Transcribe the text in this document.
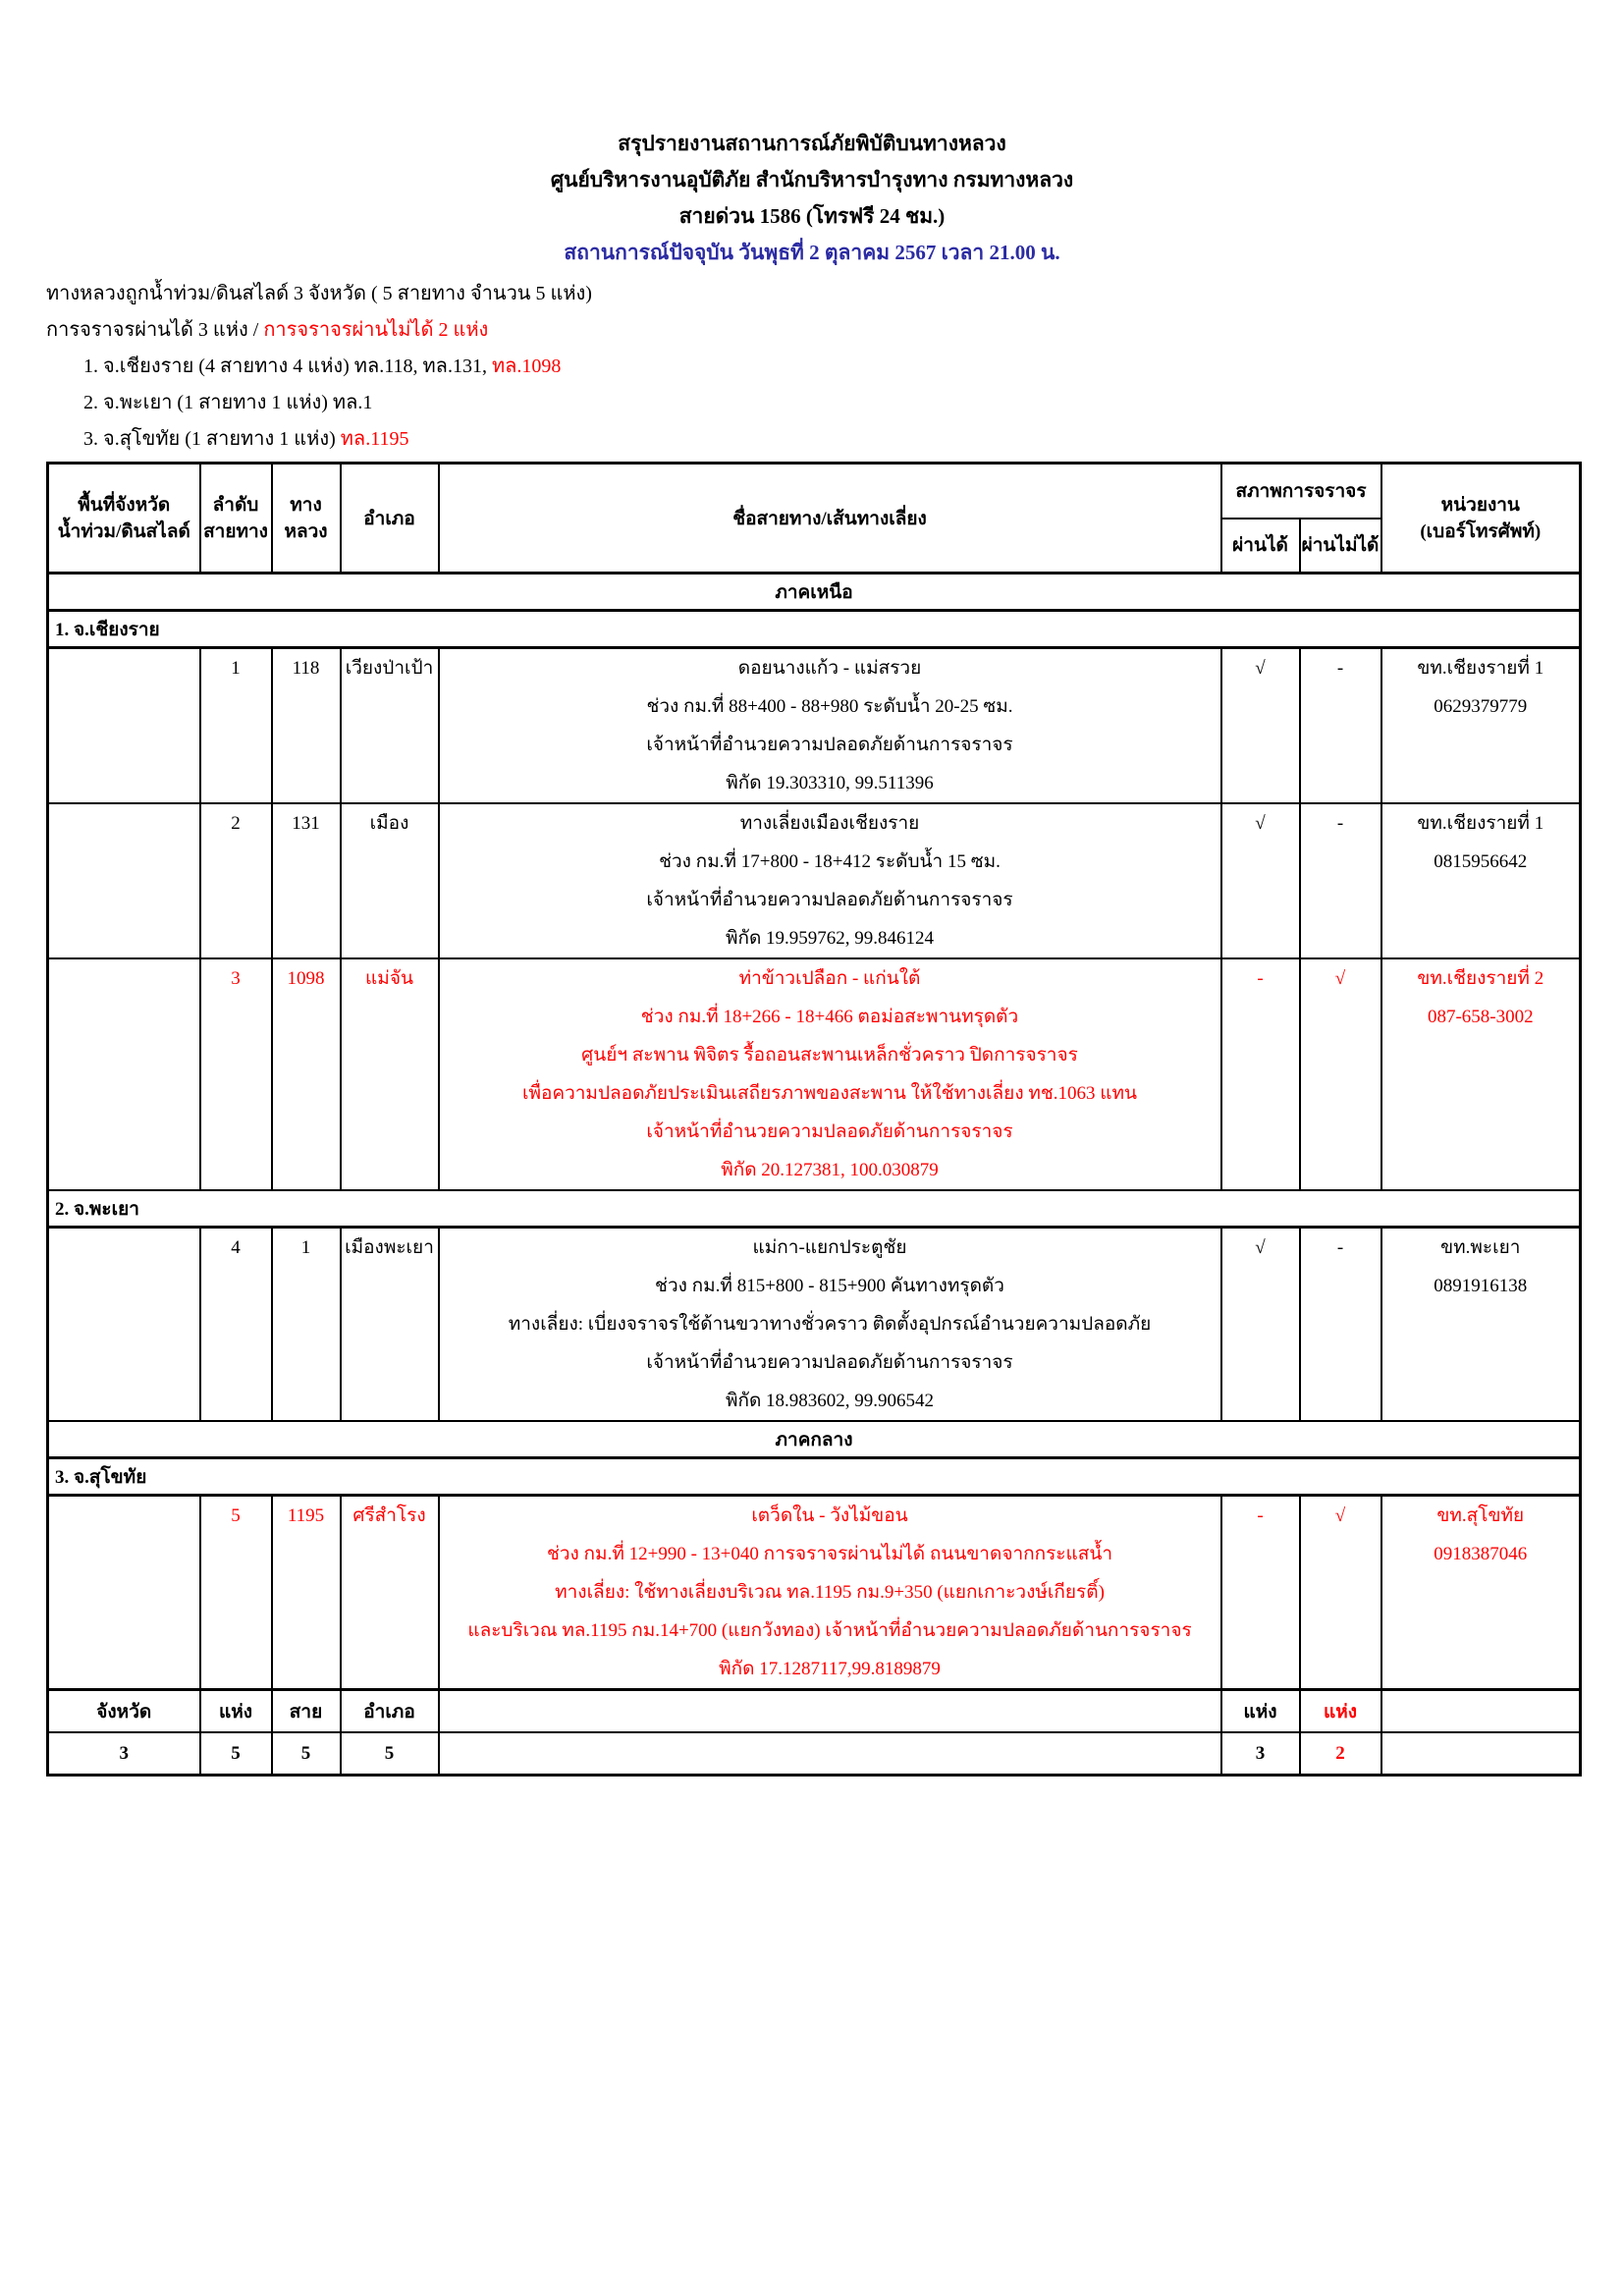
สรุปรายงานสถานการณ์ภัยพิบัติบนทางหลวง
ศูนย์บริหารงานอุบัติภัย สำนักบริหารบำรุงทาง กรมทางหลวง
สายด่วน 1586 (โทรฟรี 24 ชม.)
สถานการณ์ปัจจุบัน วันพุธที่ 2 ตุลาคม 2567 เวลา 21.00 น.
ทางหลวงถูกน้ำท่วม/ดินสไลด์ 3 จังหวัด ( 5 สายทาง จำนวน 5 แห่ง)
การจราจรผ่านได้ 3 แห่ง / การจราจรผ่านไม่ได้ 2 แห่ง
1. จ.เชียงราย (4 สายทาง 4 แห่ง) ทล.118, ทล.131, ทล.1098
2. จ.พะเยา (1 สายทาง 1 แห่ง) ทล.1
3. จ.สุโขทัย (1 สายทาง 1 แห่ง) ทล.1195
พื้นที่จังหวัด
น้ำท่วม/ดินสไลด์

ลำดับ
สายทาง

ทาง
หลวง
	อำเภอ	ชื่อสายทาง/เส้นทางเลี่ยง	สภาพการจราจร	
หน่วยงาน
(เบอร์โทรศัพท์)

					ผ่านได้	ผ่านไม่ได้	
ภาคเหนือ							
1. จ.เชียงราย							
	1	118	เวียงป่าเป้า	ดอยนางแก้ว - แม่สรวย
ช่วง กม.ที่ 88+400 - 88+980 ระดับน้ำ 20-25 ซม.
เจ้าหน้าที่อำนวยความปลอดภัยด้านการจราจร
พิกัด 19.303310, 99.511396
	√	-	ขท.เชียงรายที่ 1
0629379779

	2	131	เมือง	ทางเลี่ยงเมืองเชียงราย
ช่วง กม.ที่ 17+800 - 18+412 ระดับน้ำ 15 ซม.
เจ้าหน้าที่อำนวยความปลอดภัยด้านการจราจร
พิกัด 19.959762, 99.846124
	√	-	ขท.เชียงรายที่ 1
0815956642

	3	1098	แม่จัน	ท่าข้าวเปลือก - แก่นใต้
ช่วง กม.ที่ 18+266 - 18+466 ตอม่อสะพานทรุดตัว
ศูนย์ฯ สะพาน พิจิตร รื้อถอนสะพานเหล็กชั่วคราว ปิดการจราจร
เพื่อความปลอดภัยประเมินเสถียรภาพของสะพาน ให้ใช้ทางเลี่ยง ทช.1063 แทน
เจ้าหน้าที่อำนวยความปลอดภัยด้านการจราจร
พิกัด 20.127381, 100.030879
	-	√	ขท.เชียงรายที่ 2
087-658-3002

2. จ.พะเยา							
	4	1	เมืองพะเยา	แม่กา-แยกประตูชัย
ช่วง กม.ที่ 815+800 - 815+900 คันทางทรุดตัว
ทางเลี่ยง: เบี่ยงจราจรใช้ด้านขวาทางชั่วคราว ติดตั้งอุปกรณ์อำนวยความปลอดภัย
เจ้าหน้าที่อำนวยความปลอดภัยด้านการจราจร
พิกัด 18.983602, 99.906542
	√	-	ขท.พะเยา
0891916138

ภาคกลาง							
3. จ.สุโขทัย							
	5	1195	ศรีสำโรง	เตว็ดใน - วังไม้ขอน
ช่วง กม.ที่ 12+990 - 13+040 การจราจรผ่านไม่ได้ ถนนขาดจากกระแสน้ำ
ทางเลี่ยง: ใช้ทางเลี่ยงบริเวณ ทล.1195 กม.9+350 (แยกเกาะวงษ์เกียรติ์)
และบริเวณ ทล.1195 กม.14+700 (แยกวังทอง) เจ้าหน้าที่อำนวยความปลอดภัยด้านการจราจร
พิกัด 17.1287117,99.8189879
	-	√	ขท.สุโขทัย
0918387046

จังหวัด	แห่ง	สาย	อำเภอ		แห่ง	แห่ง	
3	5	5	5		3	2	
